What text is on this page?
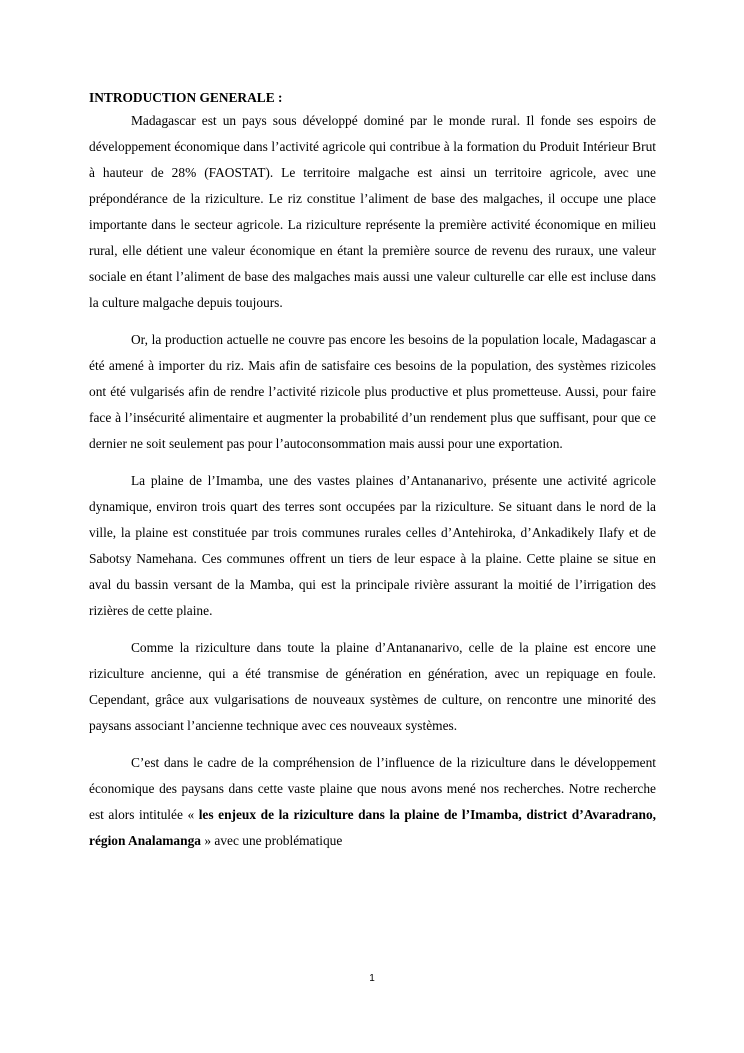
INTRODUCTION GENERALE :

Madagascar est un pays sous développé dominé par le monde rural. Il fonde ses espoirs de développement économique dans l’activité agricole qui contribue à la formation du Produit Intérieur Brut à hauteur de 28% (FAOSTAT). Le territoire malgache est ainsi un territoire agricole, avec une prépondérance de la riziculture. Le riz constitue l’aliment de base des malgaches, il occupe une place importante dans le secteur agricole. La riziculture représente la première activité économique en milieu rural, elle détient une valeur économique en étant la première source de revenu des ruraux, une valeur sociale en étant l’aliment de base des malgaches mais aussi une valeur culturelle car elle est incluse dans la culture malgache depuis toujours.

Or, la production actuelle ne couvre pas encore les besoins de la population locale, Madagascar a été amené à importer du riz. Mais afin de satisfaire ces besoins de la population, des systèmes rizicoles ont été vulgarisés afin de rendre l’activité rizicole plus productive et plus prometteuse. Aussi, pour faire face à l’insécurité alimentaire et augmenter la probabilité d’un rendement plus que suffisant, pour que ce dernier ne soit seulement pas pour l’autoconsommation mais aussi pour une exportation.

La plaine de l’Imamba, une des vastes plaines d’Antananarivo, présente une activité agricole dynamique, environ trois quart des terres sont occupées par la riziculture. Se situant dans le nord de la ville, la plaine est constituée par trois communes rurales celles d’Antehiroka, d’Ankadikely Ilafy et de Sabotsy Namehana. Ces communes offrent un tiers de leur espace à la plaine. Cette plaine se situe en aval du bassin versant de la Mamba, qui est la principale rivière assurant la moitié de l’irrigation des rizières de cette plaine.

Comme la riziculture dans toute la plaine d’Antananarivo, celle de la plaine est encore une riziculture ancienne, qui a été transmise de génération en génération, avec un repiquage en foule. Cependant, grâce aux vulgarisations de nouveaux systèmes de culture, on rencontre une minorité des paysans associant l’ancienne technique avec ces nouveaux systèmes.

C’est dans le cadre de la compréhension de l’influence de la riziculture dans le développement économique des paysans dans cette vaste plaine que nous avons mené nos recherches. Notre recherche est alors intitulée « les enjeux de la riziculture dans la plaine de l’Imamba, district d’Avaradrano, région Analamanga » avec une problématique

1
